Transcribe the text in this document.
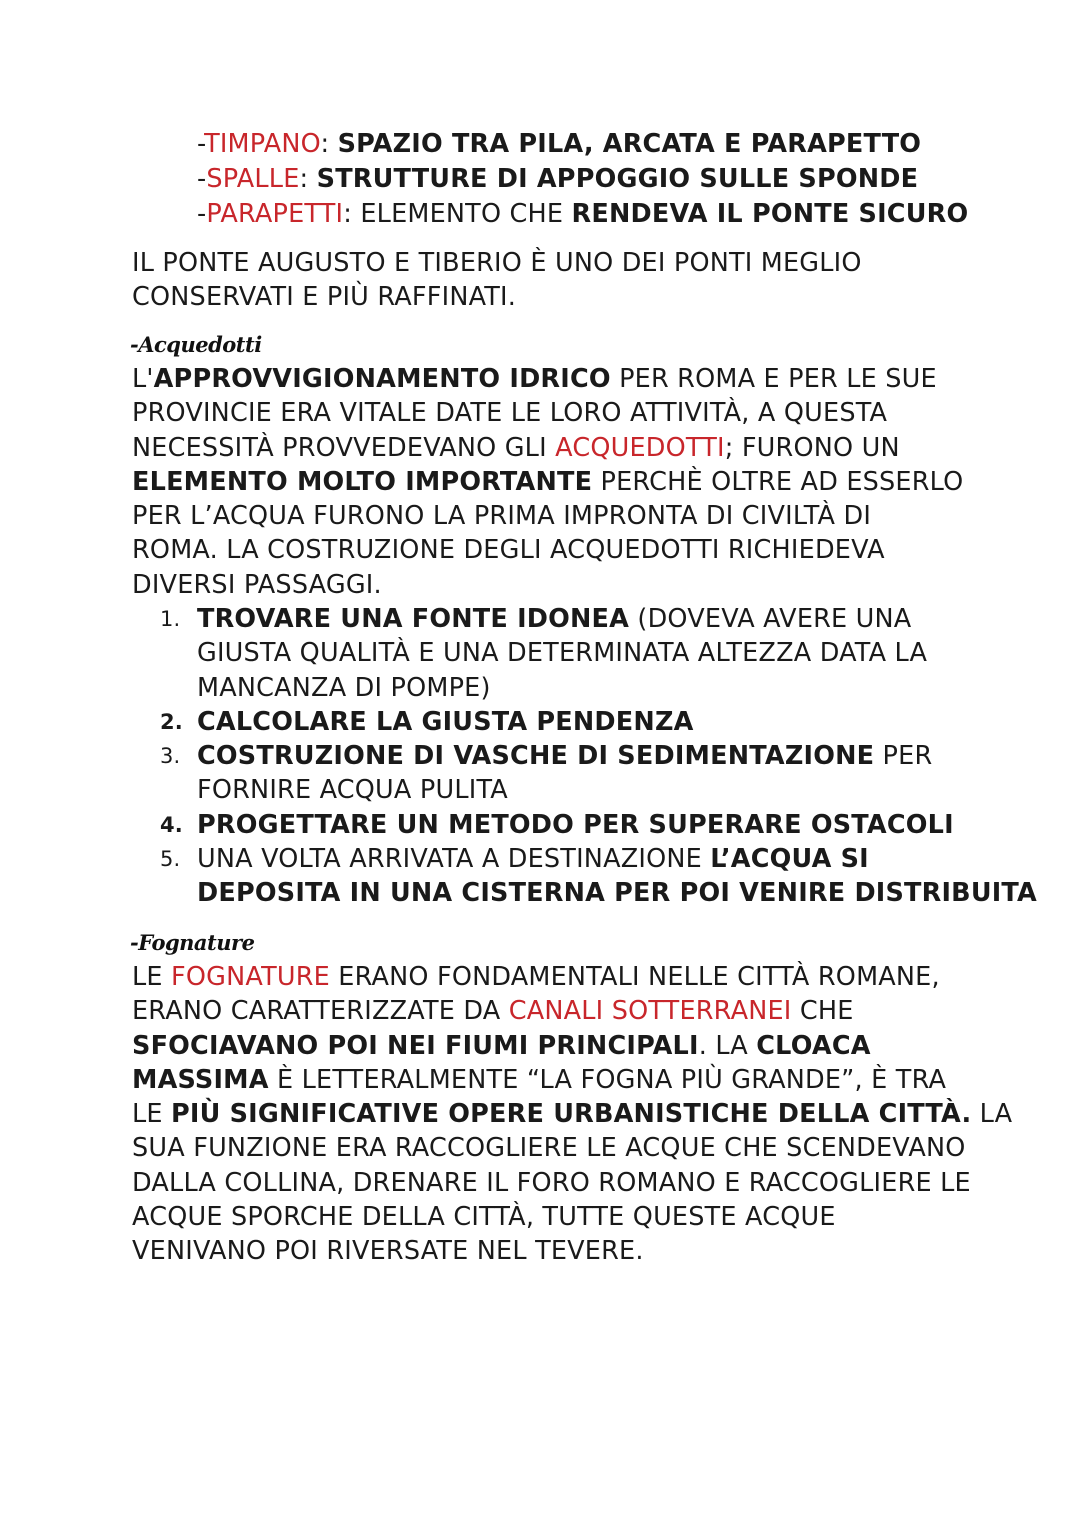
-TIMPANO: SPAZIO TRA PILA, ARCATA E PARAPETTO
-SPALLE: STRUTTURE DI APPOGGIO SULLE SPONDE
-PARAPETTI: ELEMENTO CHE RENDEVA IL PONTE SICURO
IL PONTE AUGUSTO E TIBERIO È UNO DEI PONTI MEGLIO
CONSERVATI E PIÙ RAFFINATI.
-Acquedotti
L'APPROVVIGIONAMENTO IDRICO PER ROMA E PER LE SUE
PROVINCIE ERA VITALE DATE LE LORO ATTIVITÀ, A QUESTA
NECESSITÀ PROVVEDEVANO GLI ACQUEDOTTI; FURONO UN
ELEMENTO MOLTO IMPORTANTE PERCHÈ OLTRE AD ESSERLO
PER L’ACQUA FURONO LA PRIMA IMPRONTA DI CIVILTÀ DI
ROMA. LA COSTRUZIONE DEGLI ACQUEDOTTI RICHIEDEVA
DIVERSI PASSAGGI.
1. TROVARE UNA FONTE IDONEA (DOVEVA AVERE UNA
GIUSTA QUALITÀ E UNA DETERMINATA ALTEZZA DATA LA
MANCANZA DI POMPE)
2. CALCOLARE LA GIUSTA PENDENZA
3. COSTRUZIONE DI VASCHE DI SEDIMENTAZIONE PER
FORNIRE ACQUA PULITA
4. PROGETTARE UN METODO PER SUPERARE OSTACOLI
5. UNA VOLTA ARRIVATA A DESTINAZIONE L’ACQUA SI
DEPOSITA IN UNA CISTERNA PER POI VENIRE DISTRIBUITA
-Fognature
LE FOGNATURE ERANO FONDAMENTALI NELLE CITTÀ ROMANE,
ERANO CARATTERIZZATE DA CANALI SOTTERRANEI CHE
SFOCIAVANO POI NEI FIUMI PRINCIPALI. LA CLOACA
MASSIMA È LETTERALMENTE “LA FOGNA PIÙ GRANDE”, È TRA
LE PIÙ SIGNIFICATIVE OPERE URBANISTICHE DELLA CITTÀ. LA
SUA FUNZIONE ERA RACCOGLIERE LE ACQUE CHE SCENDEVANO
DALLA COLLINA, DRENARE IL FORO ROMANO E RACCOGLIERE LE
ACQUE SPORCHE DELLA CITTÀ, TUTTE QUESTE ACQUE
VENIVANO POI RIVERSATE NEL TEVERE.
